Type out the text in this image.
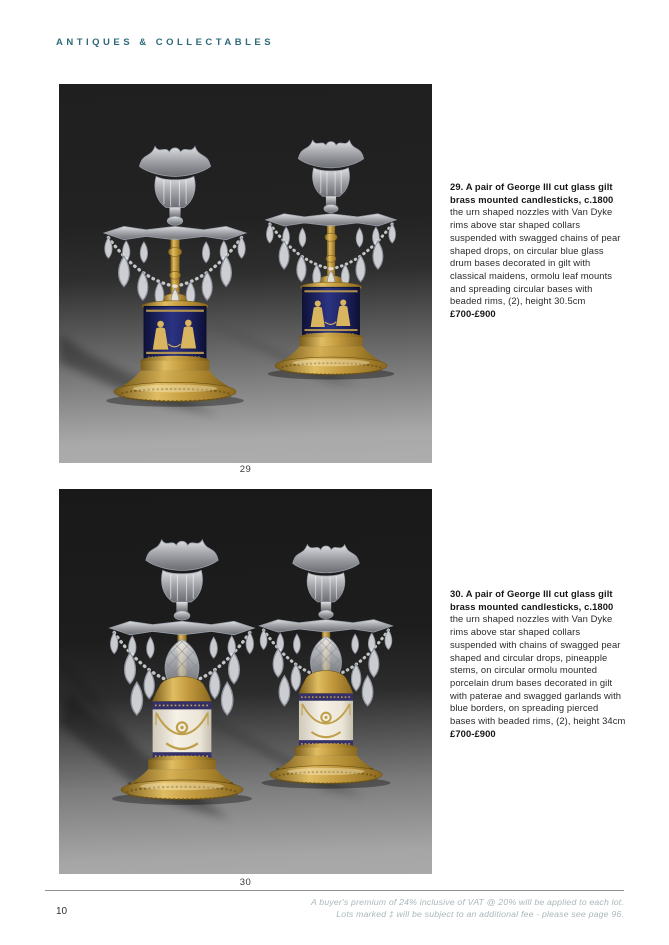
ANTIQUES & COLLECTABLES
29
30

29. A pair of George III cut glass gilt brass mounted candlesticks, c.1800

the urn shaped nozzles with Van Dyke rims above star shaped collars suspended with swagged chains of pear shaped drops, on circular blue glass drum bases decorated in gilt with classical maidens, ormolu leaf mounts and spreading circular bases with beaded rims, (2), height 30.5cm

£700-£900

30. A pair of George III cut glass gilt brass mounted candlesticks, c.1800

the urn shaped nozzles with Van Dyke rims above star shaped collars suspended with chains of swagged pear shaped and circular drops, pineapple stems, on circular ormolu mounted porcelain drum bases decorated in gilt with paterae and swagged garlands with blue borders, on spreading pierced bases with beaded rims, (2), height 34cm

£700-£900

A buyer's premium of 24% inclusive of VAT @ 20% will be applied to each lot.
Lots marked ‡ will be subject to an additional fee - please see page 96.
10
